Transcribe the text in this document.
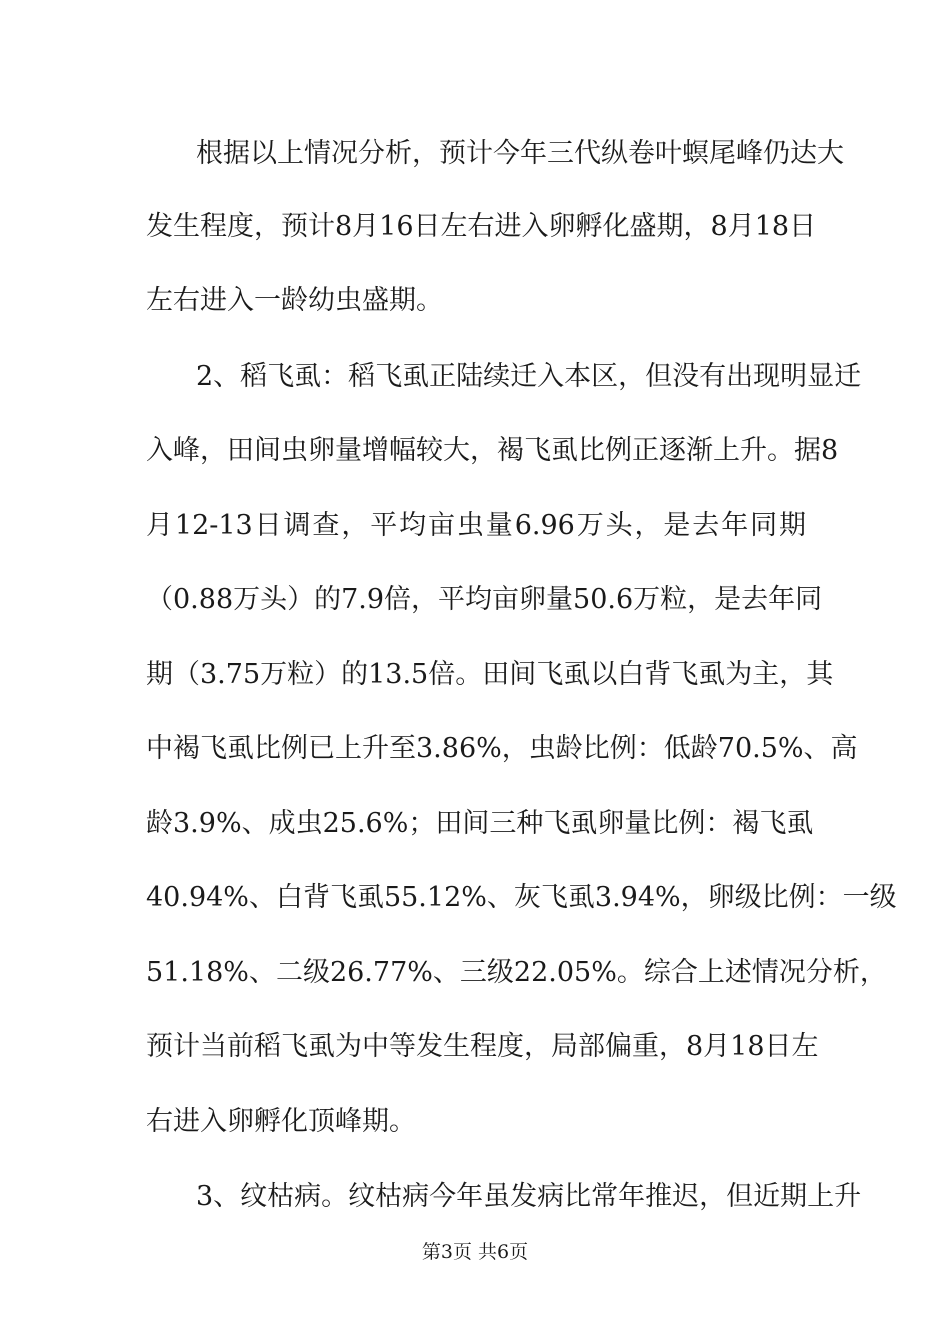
根据以上情况分析，预计今年三代纵卷叶螟尾峰仍达大
发生程度，预计8月16日左右进入卵孵化盛期，8月18日
左右进入一龄幼虫盛期。
2、稻飞虱：稻飞虱正陆续迁入本区，但没有出现明显迁
入峰，田间虫卵量增幅较大，褐飞虱比例正逐渐上升。据8
月12-13日调查，平均亩虫量6.96万头，是去年同期
（0.88万头）的7.9倍，平均亩卵量50.6万粒，是去年同
期（3.75万粒）的13.5倍。田间飞虱以白背飞虱为主，其
中褐飞虱比例已上升至3.86%，虫龄比例：低龄70.5%、高
龄3.9%、成虫25.6%；田间三种飞虱卵量比例：褐飞虱
40.94%、白背飞虱55.12%、灰飞虱3.94%，卵级比例：一级
51.18%、二级26.77%、三级22.05%。综合上述情况分析，
预计当前稻飞虱为中等发生程度，局部偏重，8月18日左
右进入卵孵化顶峰期。
3、纹枯病。纹枯病今年虽发病比常年推迟，但近期上升
第3页 共6页
